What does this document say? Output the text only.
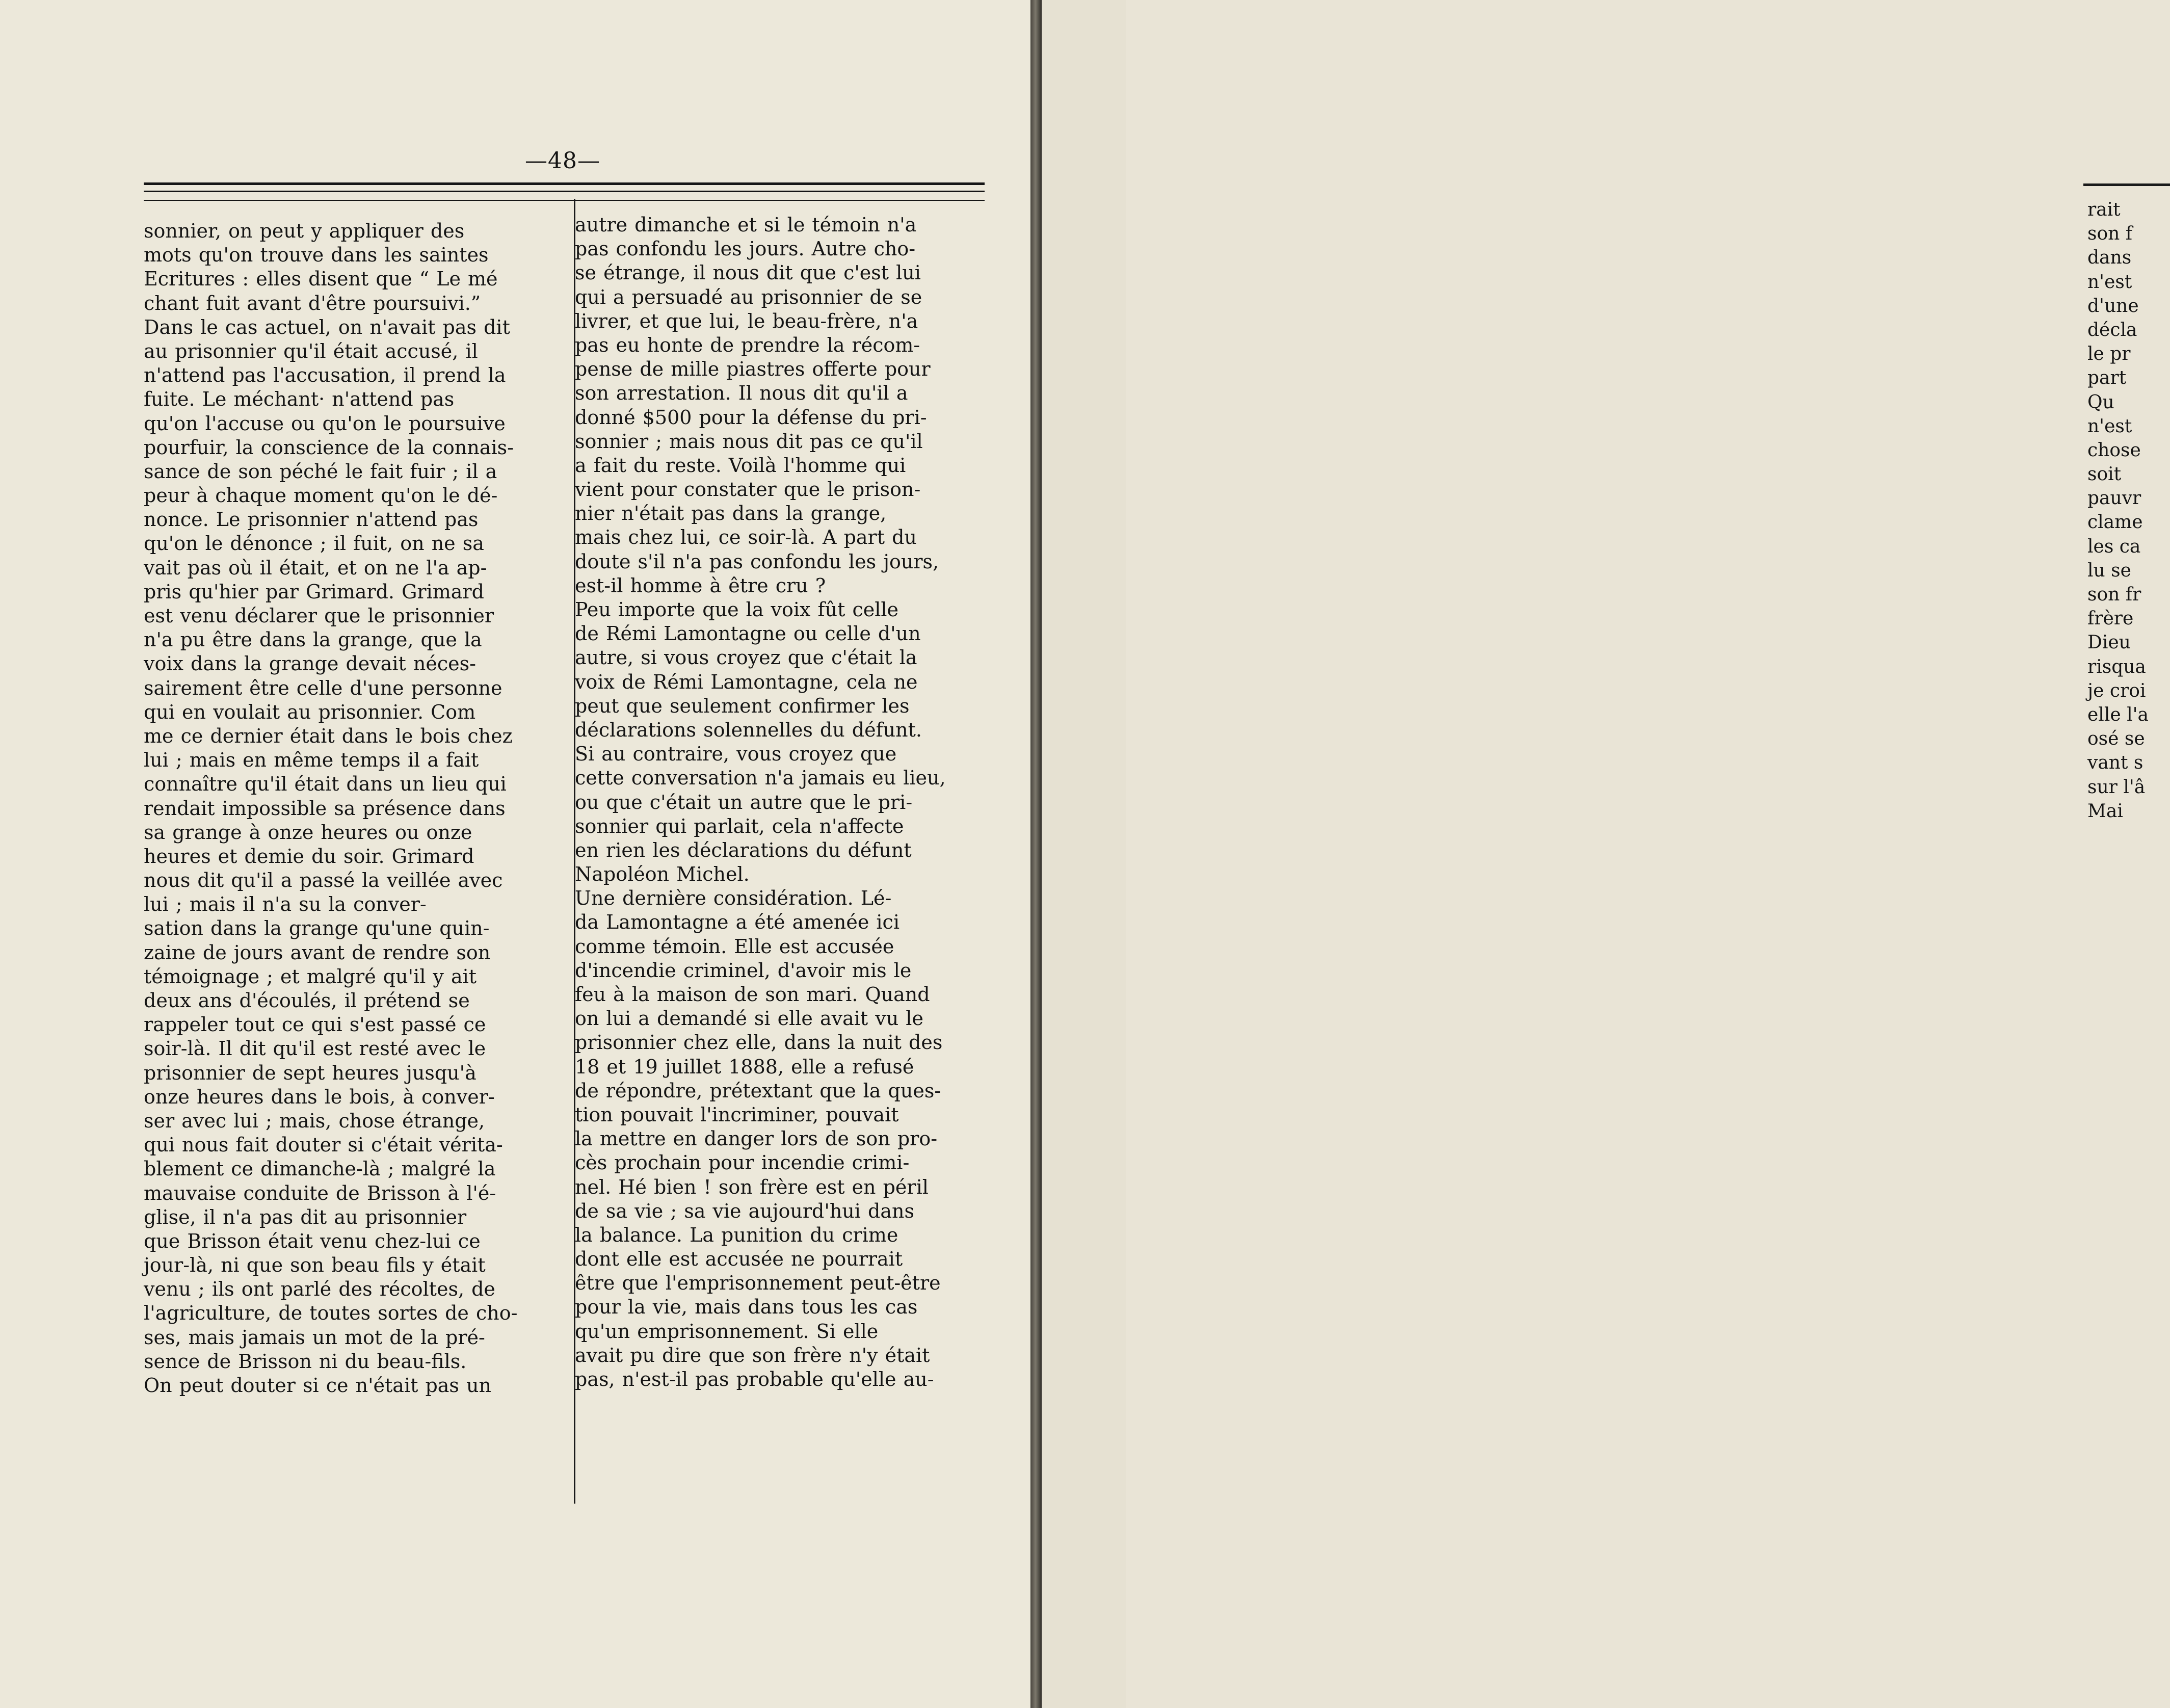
—48—
sonnier, on peut y appliquer des
mots qu'on trouve dans les saintes
Ecritures : elles disent que “ Le mé
chant fuit avant d'être poursuivi.”
Dans le cas actuel, on n'avait pas dit
au prisonnier qu'il était accusé, il
n'attend pas l'accusation, il prend la
fuite. Le méchant· n'attend pas
qu'on l'accuse ou qu'on le poursuive
pourfuir, la conscience de la connais-
sance de son péché le fait fuir ; il a
peur à chaque moment qu'on le dé-
nonce. Le prisonnier n'attend pas
qu'on le dénonce ; il fuit, on ne sa
vait pas où il était, et on ne l'a ap-
pris qu'hier par Grimard. Grimard
est venu déclarer que le prisonnier
n'a pu être dans la grange, que la
voix dans la grange devait néces-
sairement être celle d'une personne
qui en voulait au prisonnier. Com
me ce dernier était dans le bois chez
lui ; mais en même temps il a fait
connaître qu'il était dans un lieu qui
rendait impossible sa présence dans
sa grange à onze heures ou onze
heures et demie du soir. Grimard
nous dit qu'il a passé la veillée avec
lui ; mais il n'a su la conver-
sation dans la grange qu'une quin-
zaine de jours avant de rendre son
témoignage ; et malgré qu'il y ait
deux ans d'écoulés, il prétend se
rappeler tout ce qui s'est passé ce
soir-là. Il dit qu'il est resté avec le
prisonnier de sept heures jusqu'à
onze heures dans le bois, à conver-
ser avec lui ; mais, chose étrange,
qui nous fait douter si c'était vérita-
blement ce dimanche-là ; malgré la
mauvaise conduite de Brisson à l'é-
glise, il n'a pas dit au prisonnier
que Brisson était venu chez-lui ce
jour-là, ni que son beau fils y était
venu ; ils ont parlé des récoltes, de
l'agriculture, de toutes sortes de cho-
ses, mais jamais un mot de la pré-
sence de Brisson ni du beau-fils.
On peut douter si ce n'était pas un
autre dimanche et si le témoin n'a
pas confondu les jours. Autre cho-
se étrange, il nous dit que c'est lui
qui a persuadé au prisonnier de se
livrer, et que lui, le beau-frère, n'a
pas eu honte de prendre la récom-
pense de mille piastres offerte pour
son arrestation. Il nous dit qu'il a
donné $500 pour la défense du pri-
sonnier ; mais nous dit pas ce qu'il
a fait du reste. Voilà l'homme qui
vient pour constater que le prison-
nier n'était pas dans la grange,
mais chez lui, ce soir-là. A part du
doute s'il n'a pas confondu les jours,
est-il homme à être cru ?
Peu importe que la voix fût celle
de Rémi Lamontagne ou celle d'un
autre, si vous croyez que c'était la
voix de Rémi Lamontagne, cela ne
peut que seulement confirmer les
déclarations solennelles du défunt.
Si au contraire, vous croyez que
cette conversation n'a jamais eu lieu,
ou que c'était un autre que le pri-
sonnier qui parlait, cela n'affecte
en rien les déclarations du défunt
Napoléon Michel.
Une dernière considération. Lé-
da Lamontagne a été amenée ici
comme témoin. Elle est accusée
d'incendie criminel, d'avoir mis le
feu à la maison de son mari. Quand
on lui a demandé si elle avait vu le
prisonnier chez elle, dans la nuit des
18 et 19 juillet 1888, elle a refusé
de répondre, prétextant que la ques-
tion pouvait l'incriminer, pouvait
la mettre en danger lors de son pro-
cès prochain pour incendie crimi-
nel. Hé bien ! son frère est en péril
de sa vie ; sa vie aujourd'hui dans
la balance. La punition du crime
dont elle est accusée ne pourrait
être que l'emprisonnement peut-être
pour la vie, mais dans tous les cas
qu'un emprisonnement. Si elle
avait pu dire que son frère n'y était
pas, n'est-il pas probable qu'elle au-
rait
son f
dans
n'est
d'une
décla
le pr
part
Qu
n'est
chose
soit
pauvr
clame
les ca
lu se
son fr
frère
Dieu
risqua
je croi
elle l'a
osé se
vant s
sur l'â
Mai
